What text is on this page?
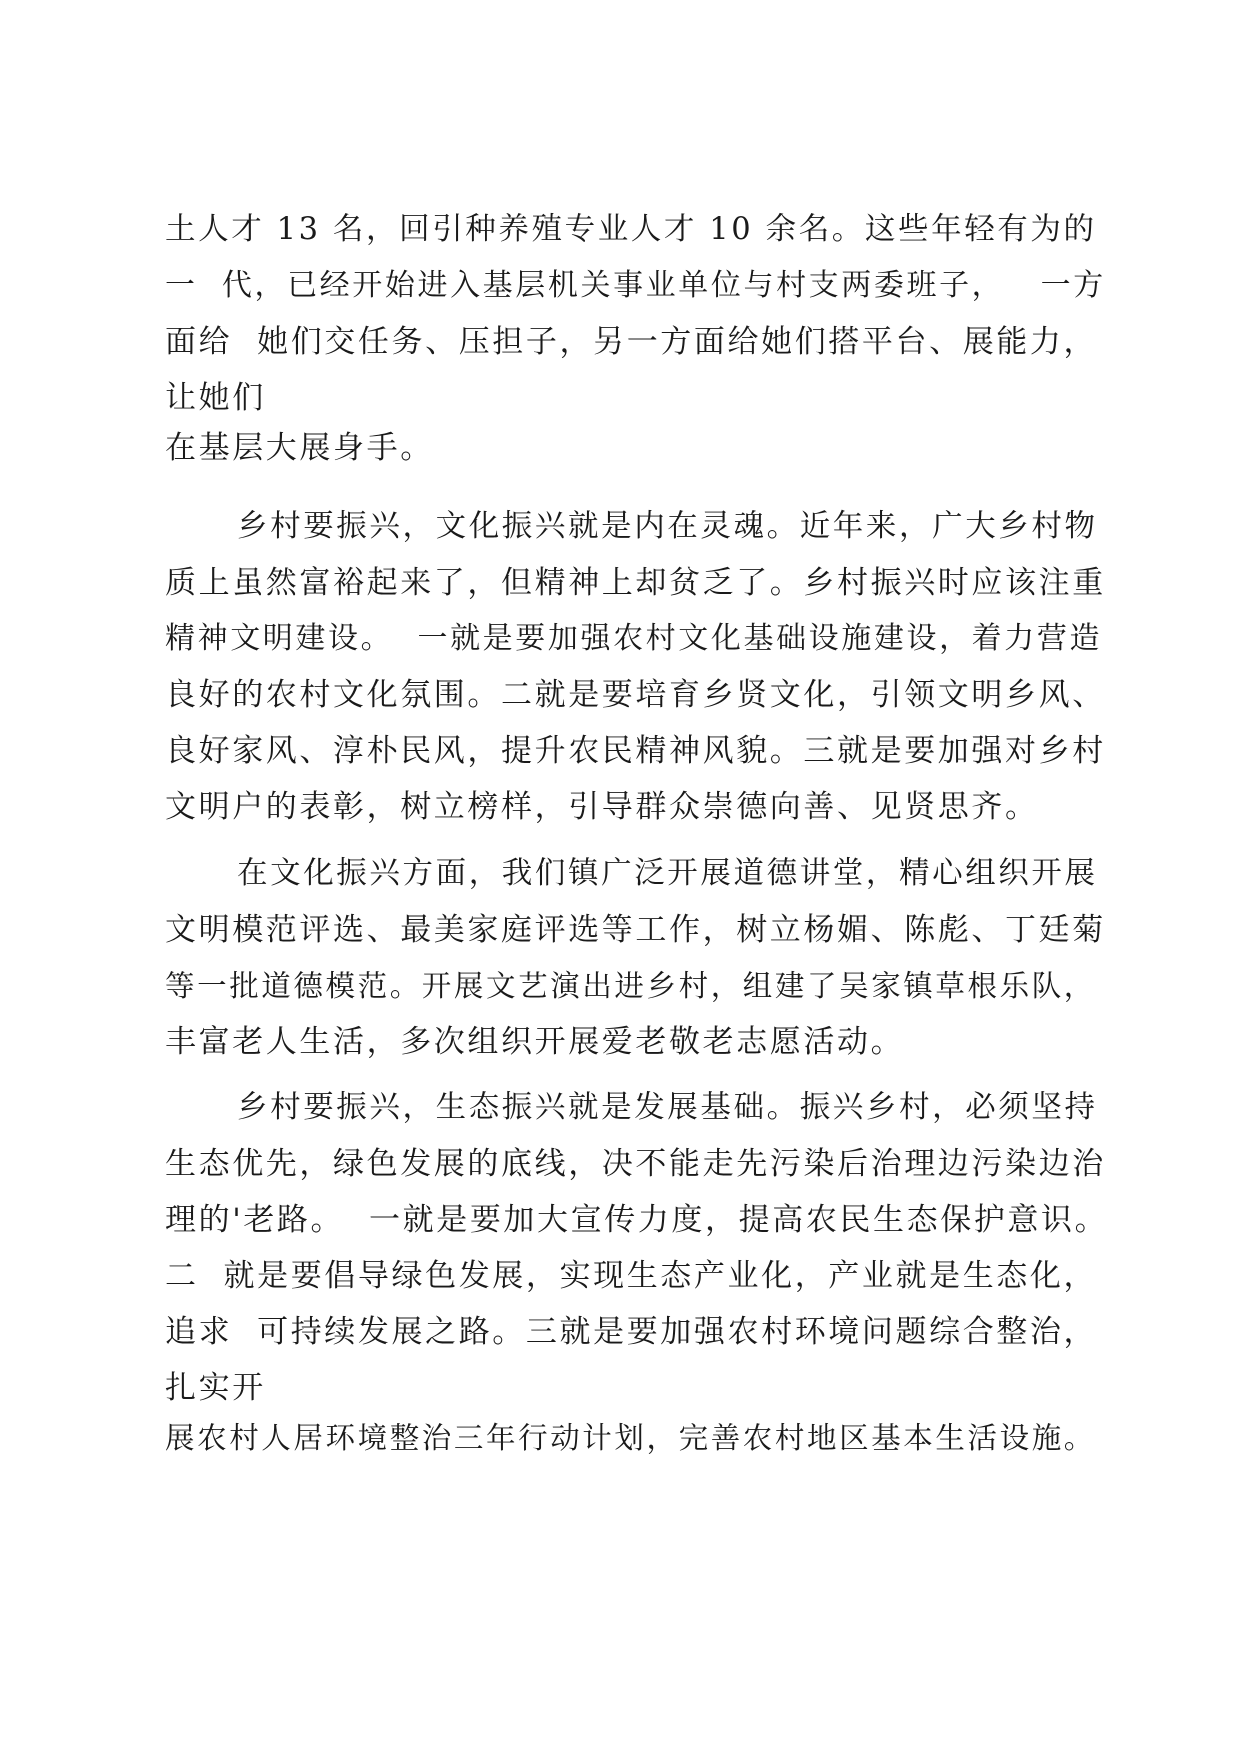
土人才 13 名，回引种养殖专业人才 10 余名。这些年轻有为的
一  代，已经开始进入基层机关事业单位与村支两委班子，   一方
面给  她们交任务、压担子，另一方面给她们搭平台、展能力，
让她们
在基层大展身手。
乡村要振兴，文化振兴就是内在灵魂。近年来，广大乡村物
质上虽然富裕起来了，但精神上却贫乏了。乡村振兴时应该注重
精神文明建设。  一就是要加强农村文化基础设施建设，着力营造
良好的农村文化氛围。二就是要培育乡贤文化，引领文明乡风、
良好家风、淳朴民风，提升农民精神风貌。三就是要加强对乡村
文明户的表彰，树立榜样，引导群众崇德向善、见贤思齐。
在文化振兴方面，我们镇广泛开展道德讲堂，精心组织开展
文明模范评选、最美家庭评选等工作，树立杨媚、陈彪、丁廷菊
等一批道德模范。开展文艺演出进乡村，组建了吴家镇草根乐队，
丰富老人生活，多次组织开展爱老敬老志愿活动。
乡村要振兴，生态振兴就是发展基础。振兴乡村，必须坚持
生态优先，绿色发展的底线，决不能走先污染后治理边污染边治
理的'老路。  一就是要加大宣传力度，提高农民生态保护意识。
二  就是要倡导绿色发展，实现生态产业化，产业就是生态化，
追求  可持续发展之路。三就是要加强农村环境问题综合整治，
扎实开
展农村人居环境整治三年行动计划，完善农村地区基本生活设施。
